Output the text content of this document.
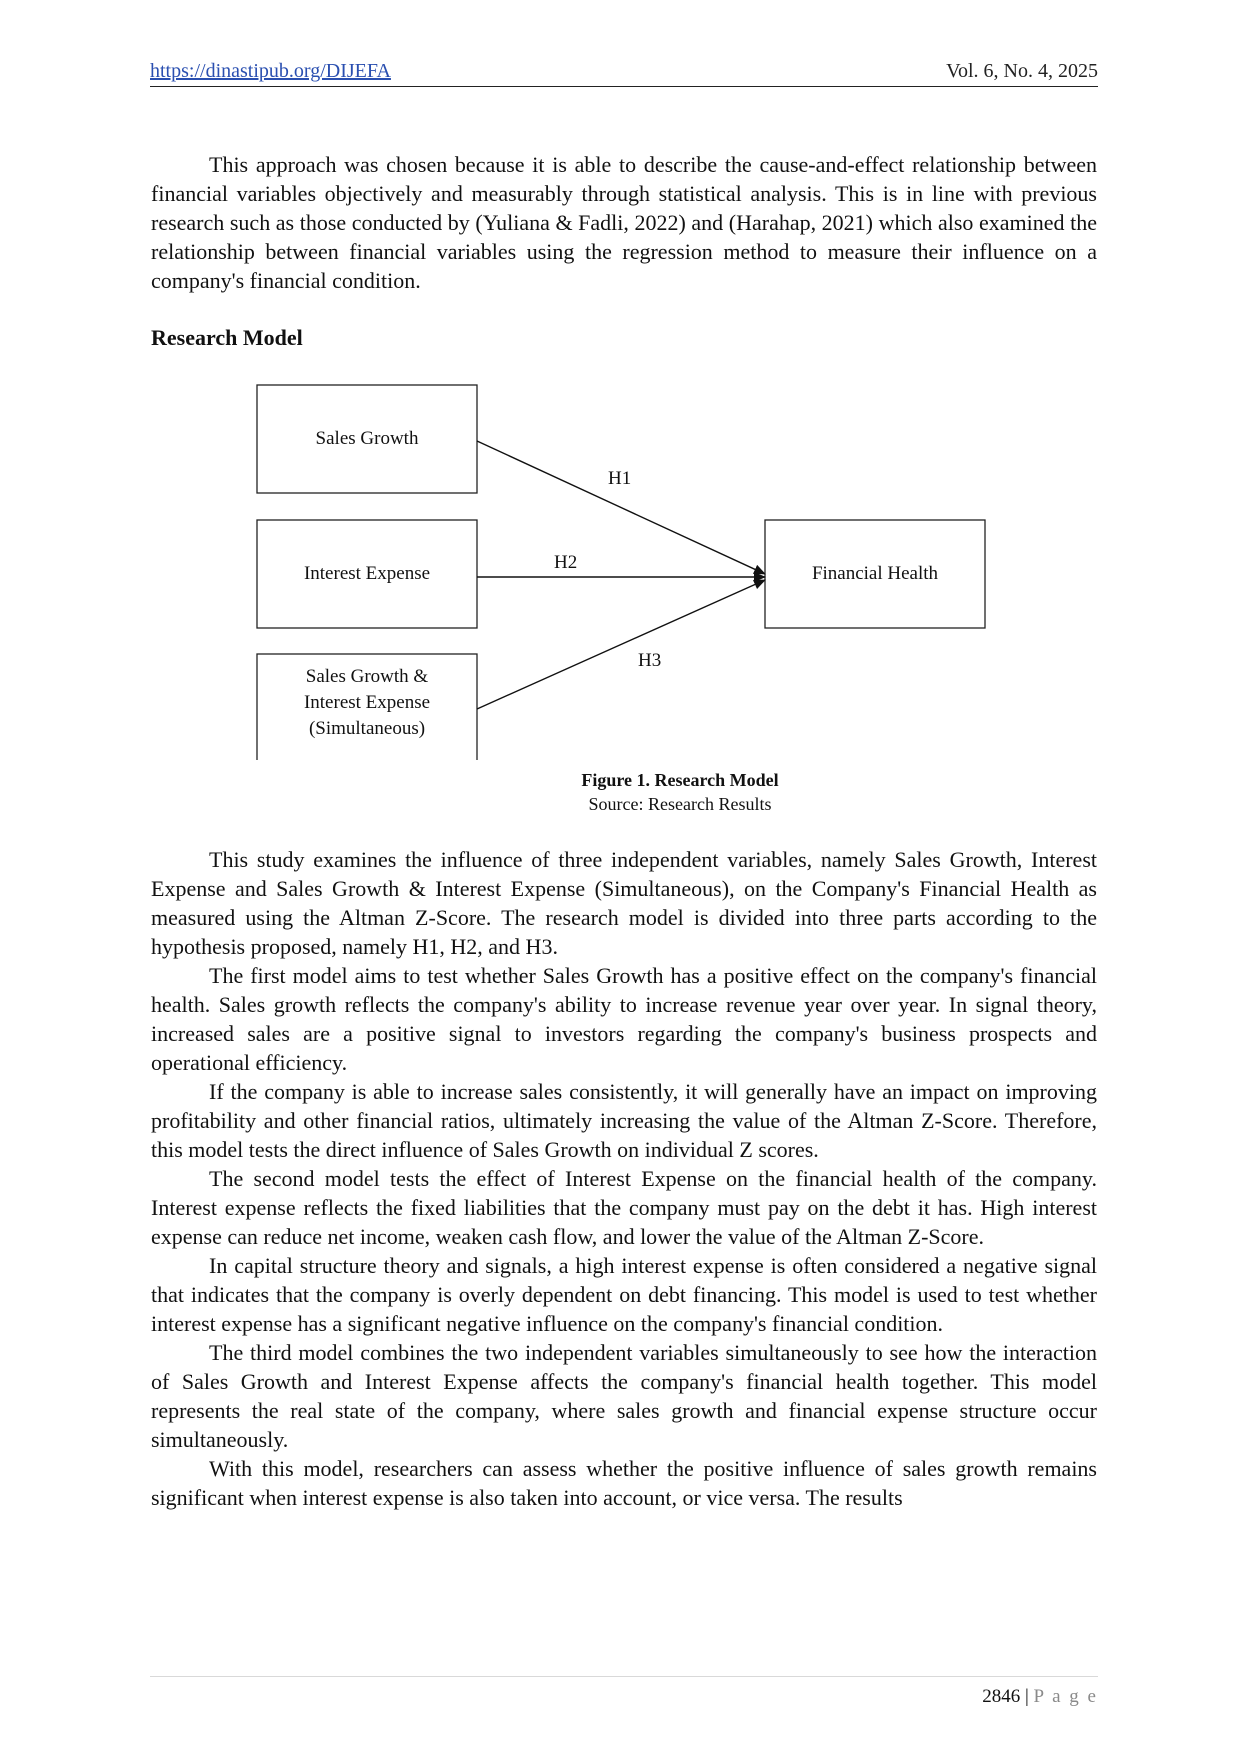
https://dinastipub.org/DIJEFA	Vol. 6, No. 4, 2025

This approach was chosen because it is able to describe the cause-and-effect relationship between financial variables objectively and measurably through statistical analysis. This is in line with previous research such as those conducted by (Yuliana & Fadli, 2022) and (Harahap, 2021) which also examined the relationship between financial variables using the regression method to measure their influence on a company's financial condition.

Research Model
Sales Growth
Interest Expense
Sales Growth &
Interest Expense
(Simultaneous)
Financial Health
H1
H2
H3
Figure 1. Research Model
Source: Research Results

This study examines the influence of three independent variables, namely Sales Growth, Interest Expense and Sales Growth & Interest Expense (Simultaneous), on the Company's Financial Health as measured using the Altman Z-Score. The research model is divided into three parts according to the hypothesis proposed, namely H1, H2, and H3.

The first model aims to test whether Sales Growth has a positive effect on the company's financial health. Sales growth reflects the company's ability to increase revenue year over year. In signal theory, increased sales are a positive signal to investors regarding the company's business prospects and operational efficiency.

If the company is able to increase sales consistently, it will generally have an impact on improving profitability and other financial ratios, ultimately increasing the value of the Altman Z-Score. Therefore, this model tests the direct influence of Sales Growth on individual Z scores.

The second model tests the effect of Interest Expense on the financial health of the company. Interest expense reflects the fixed liabilities that the company must pay on the debt it has. High interest expense can reduce net income, weaken cash flow, and lower the value of the Altman Z-Score.

In capital structure theory and signals, a high interest expense is often considered a negative signal that indicates that the company is overly dependent on debt financing. This model is used to test whether interest expense has a significant negative influence on the company's financial condition.

The third model combines the two independent variables simultaneously to see how the interaction of Sales Growth and Interest Expense affects the company's financial health together. This model represents the real state of the company, where sales growth and financial expense structure occur simultaneously.

With this model, researchers can assess whether the positive influence of sales growth remains significant when interest expense is also taken into account, or vice versa. The results

2846 | P a g e
